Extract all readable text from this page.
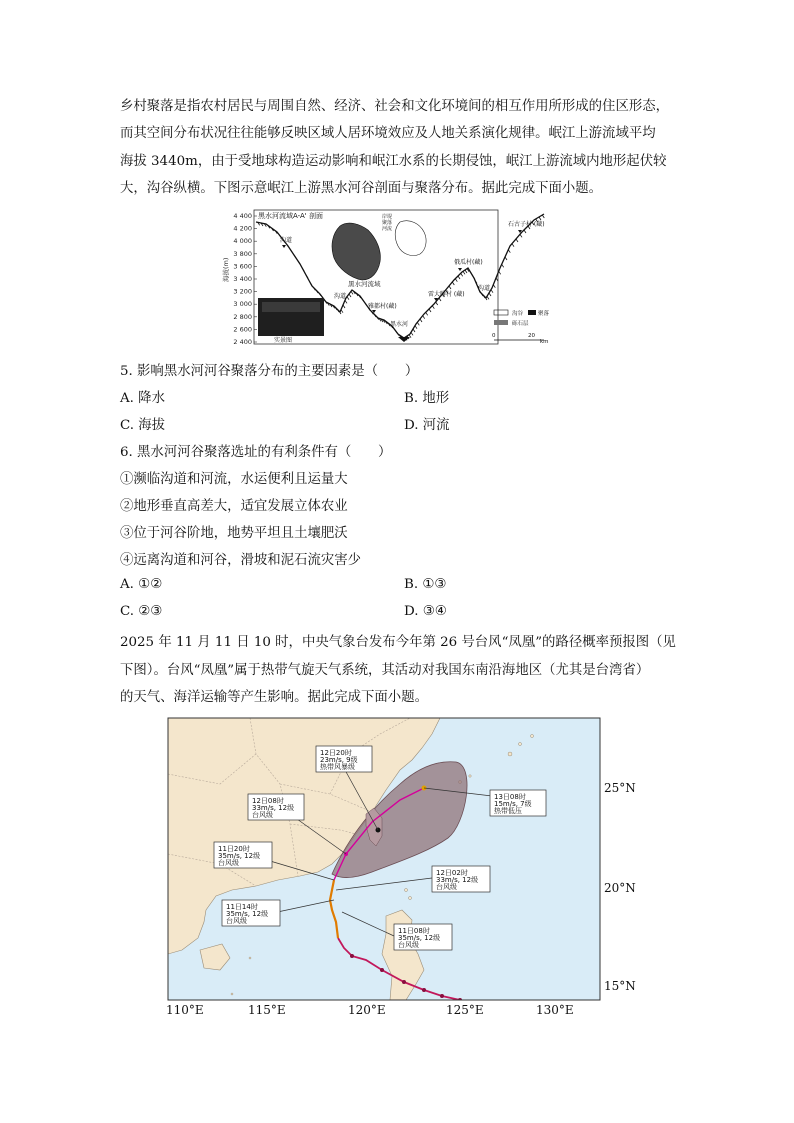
乡村聚落是指农村居民与周围自然、经济、社会和文化环境间的相互作用所形成的住区形态，
而其空间分布状况往往能够反映区域人居环境效应及人地关系演化规律。岷江上游流域平均
海拔 3440m，由于受地球构造运动影响和岷江水系的长期侵蚀，岷江上游流域内地形起伏较
大，沟谷纵横。下图示意岷江上游黑水河谷剖面与聚落分布。据此完成下面小题。
4 400
4 200
4 000
3 800
3 600
3 400
3 200
3 000
2 800
2 600
2 400
海拔(m)
黑水河流域A-A' 剖面
黑水河流域
岸堤
聚落
河流
沟道
沟道
沟道
雅都村(藏)
黑水河
雷大瞬村 (藏)
俄瓜村(藏)
石古子村 (藏)
实景图
沟谷	聚落
砾石层
0	20
km
5. 影响黑水河河谷聚落分布的主要因素是（　　）
A. 降水	B. 地形
C. 海拔	D. 河流
6. 黑水河河谷聚落选址的有利条件有（　　）
①濒临沟道和河流，水运便利且运量大
②地形垂直高差大，适宜发展立体农业
③位于河谷阶地，地势平坦且土壤肥沃
④远离沟道和河谷，滑坡和泥石流灾害少
A. ①②	B. ①③
C. ②③	D. ③④
2025 年 11 月 11 日 10 时，中央气象台发布今年第 26 号台风“凤凰”的路径概率预报图（见
下图）。台风“凤凰”属于热带气旋天气系统，其活动对我国东南沿海地区（尤其是台湾省）
的天气、海洋运输等产生影响。据此完成下面小题。
12日20时
23m/s, 9级
热带风暴级
12日08时
33m/s, 12级
台风级
13日08时
15m/s, 7级
热带低压
11日20时
35m/s, 12级
台风级
12日02时
33m/s, 12级
台风级
11日14时
35m/s, 12级
台风级
11日08时
35m/s, 12级
台风级
25°N
20°N
15°N
110°E	115°E	120°E	125°E	130°E
